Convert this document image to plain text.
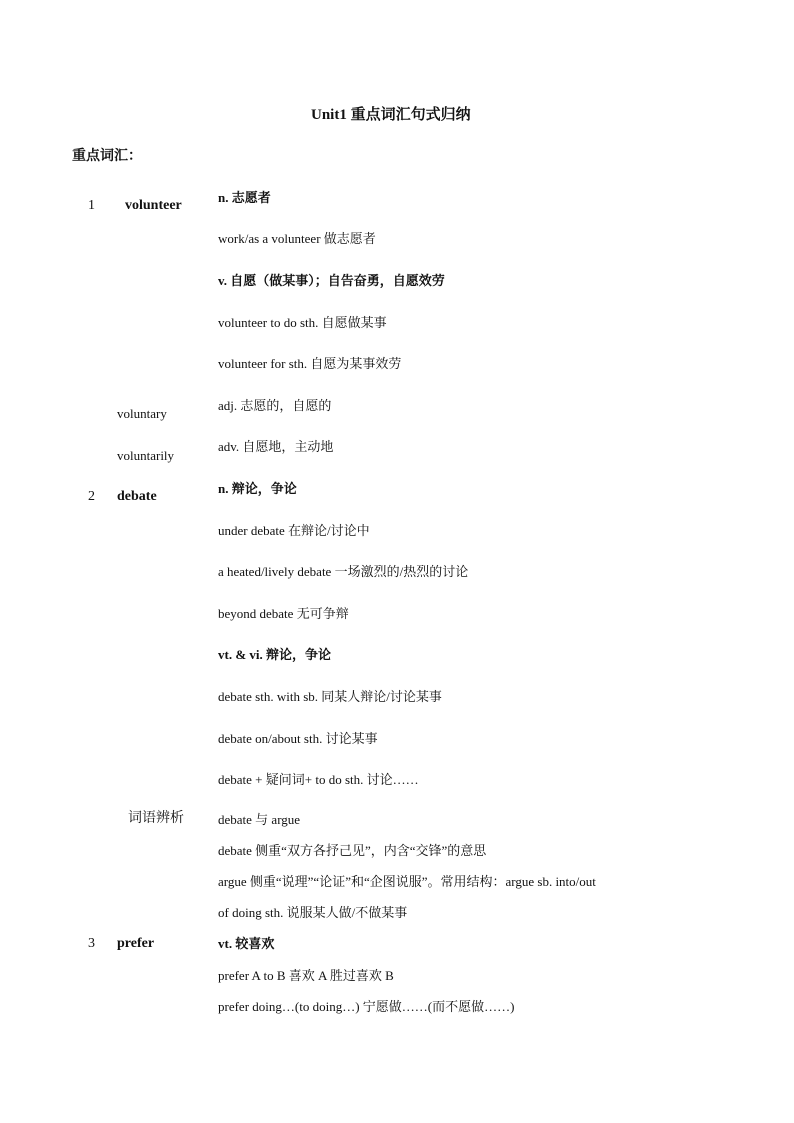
Unit1 重点词汇句式归纳
重点词汇：
1 volunteer
n. 志愿者
work/as a volunteer 做志愿者
v. 自愿（做某事）；自告奋勇，自愿效劳
volunteer to do sth. 自愿做某事
volunteer for sth. 自愿为某事效劳
voluntary
adj. 志愿的，自愿的
voluntarily
adv. 自愿地，主动地
2 debate
n. 辩论，争论
under debate 在辩论/讨论中
a heated/lively debate 一场激烈的/热烈的讨论
beyond debate 无可争辩
vt. & vi. 辩论，争论
debate sth. with sb. 同某人辩论/讨论某事
debate on/about sth. 讨论某事
debate + 疑问词+ to do sth. 讨论……
词语辨析	debate 与 argue
debate 侧重“双方各抒己见”，内含“交锋”的意思
argue 侧重“说理”“论证”和“企图说服”。常用结构：argue sb. into/out
of doing sth. 说服某人做/不做某事
3 prefer	vt. 较喜欢
prefer A to B 喜欢 A 胜过喜欢 B
prefer doing…(to doing…) 宁愿做……(而不愿做……)
